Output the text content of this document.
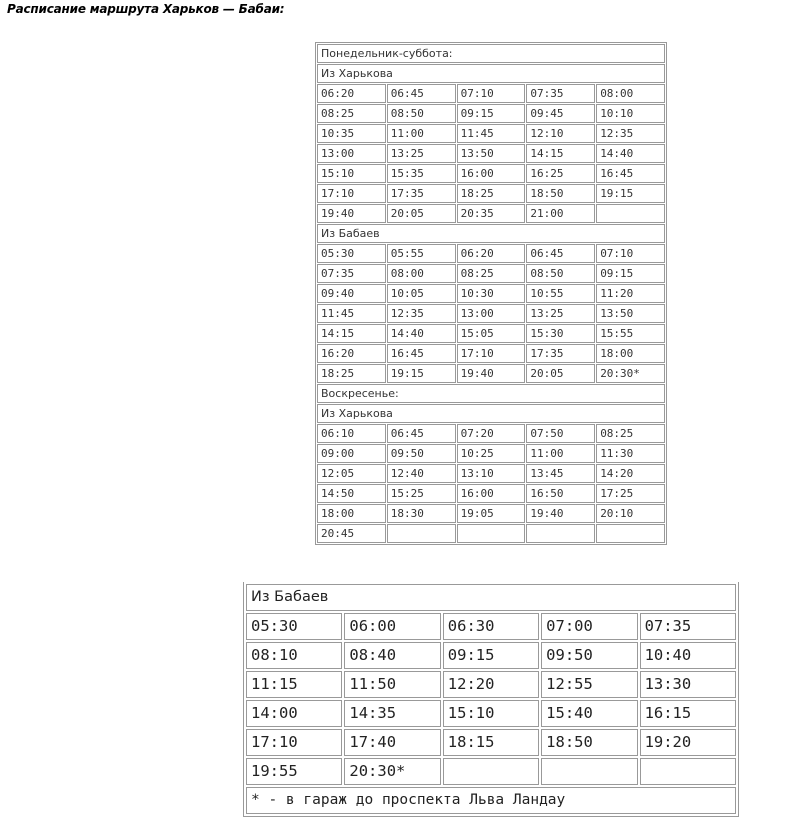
Расписание маршрута Харьков — Бабаи:
Понедельник-суббота:				
Из Харькова				
06:20	06:45	07:10	07:35	08:00
08:25	08:50	09:15	09:45	10:10
10:35	11:00	11:45	12:10	12:35
13:00	13:25	13:50	14:15	14:40
15:10	15:35	16:00	16:25	16:45
17:10	17:35	18:25	18:50	19:15
19:40	20:05	20:35	21:00	
Из Бабаев				
05:30	05:55	06:20	06:45	07:10
07:35	08:00	08:25	08:50	09:15
09:40	10:05	10:30	10:55	11:20
11:45	12:35	13:00	13:25	13:50
14:15	14:40	15:05	15:30	15:55
16:20	16:45	17:10	17:35	18:00
18:25	19:15	19:40	20:05	20:30*
Воскресенье:				
Из Харькова				
06:10	06:45	07:20	07:50	08:25
09:00	09:50	10:25	11:00	11:30
12:05	12:40	13:10	13:45	14:20
14:50	15:25	16:00	16:50	17:25
18:00	18:30	19:05	19:40	20:10
20:45				
Из Бабаев				
05:30	06:00	06:30	07:00	07:35
08:10	08:40	09:15	09:50	10:40
11:15	11:50	12:20	12:55	13:30
14:00	14:35	15:10	15:40	16:15
17:10	17:40	18:15	18:50	19:20
19:55	20:30*			
* - в гараж до проспекта Льва Ландау				
